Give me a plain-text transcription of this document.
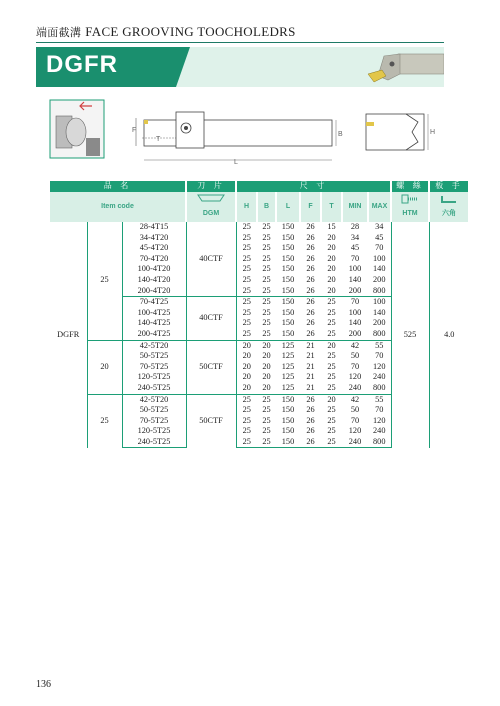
端面截溝 FACE GROOVING TOOCHOLEDRS
DGFR
F
T
L
B	H
品 名			刀 片	尺 寸							螺 絲	板 手
Item code			DGM	H	B	L	F	T	MIN	MAX	HTM	六角
DGFR	25	28-4T15	40CTF	25	25	150	26	15	28	34	525	4.0
		34-4T20		25	25	150	26	20	34	45		
		45-4T20		25	25	150	26	20	45	70		
		70-4T20		25	25	150	26	20	70	100		
		100-4T20		25	25	150	26	20	100	140		
		140-4T20		25	25	150	26	20	140	200		
		200-4T20		25	25	150	26	20	200	800		
		70-4T25	40CTF	25	25	150	26	25	70	100		
		100-4T25		25	25	150	26	25	100	140		
		140-4T25		25	25	150	26	25	140	200		
		200-4T25		25	25	150	26	25	200	800		
	20	42-5T20	50CTF	20	20	125	21	20	42	55		
		50-5T25		20	20	125	21	25	50	70		
		70-5T25		20	20	125	21	25	70	120		
		120-5T25		20	20	125	21	25	120	240		
		240-5T25		20	20	125	21	25	240	800		
	25	42-5T20	50CTF	25	25	150	26	20	42	55		
		50-5T25		25	25	150	26	25	50	70		
		70-5T25		25	25	150	26	25	70	120		
		120-5T25		25	25	150	26	25	120	240		
		240-5T25		25	25	150	26	25	240	800		
136
